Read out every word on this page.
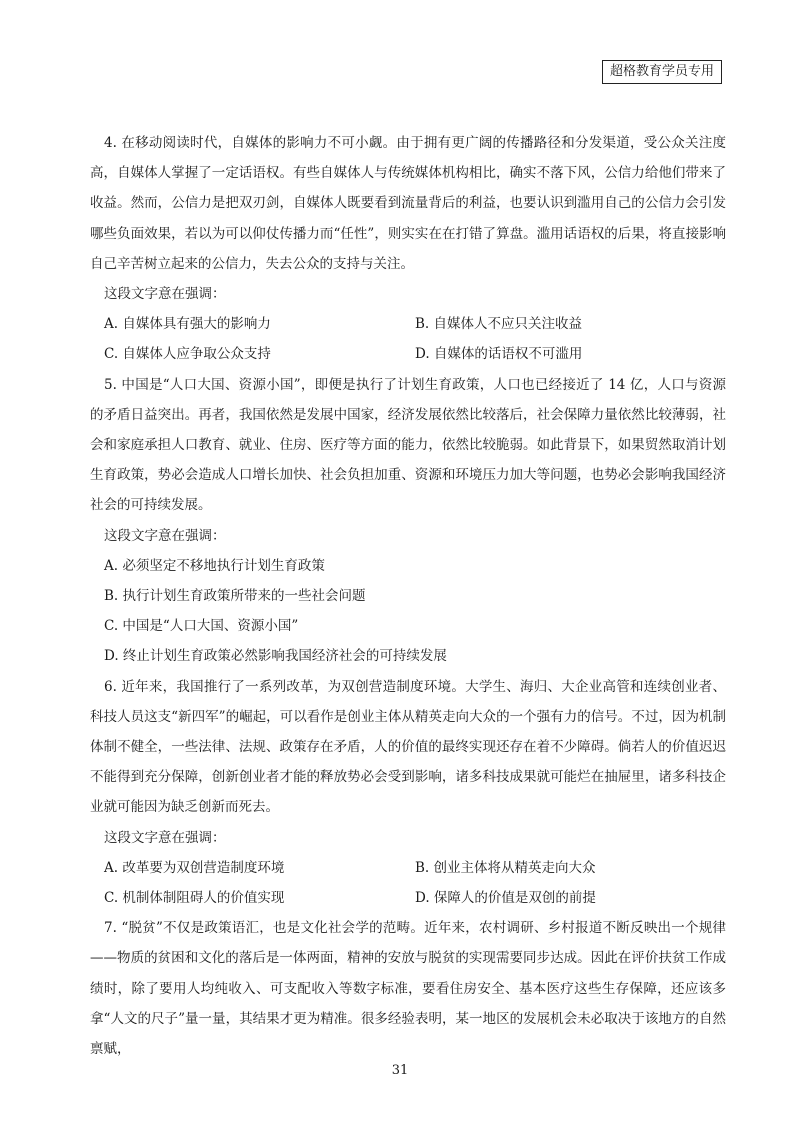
超格教育学员专用

4. 在移动阅读时代，自媒体的影响力不可小觑。由于拥有更广阔的传播路径和分发渠道，受公众关注度高，自媒体人掌握了一定话语权。有些自媒体人与传统媒体机构相比，确实不落下风，公信力给他们带来了收益。然而，公信力是把双刃剑，自媒体人既要看到流量背后的利益，也要认识到滥用自己的公信力会引发哪些负面效果，若以为可以仰仗传播力而“任性”，则实实在在打错了算盘。滥用话语权的后果，将直接影响自己辛苦树立起来的公信力，失去公众的支持与关注。

这段文字意在强调：

A. 自媒体具有强大的影响力	B. 自媒体人不应只关注收益
C. 自媒体人应争取公众支持	D. 自媒体的话语权不可滥用

5. 中国是“人口大国、资源小国”，即便是执行了计划生育政策，人口也已经接近了 14 亿，人口与资源的矛盾日益突出。再者，我国依然是发展中国家，经济发展依然比较落后，社会保障力量依然比较薄弱，社会和家庭承担人口教育、就业、住房、医疗等方面的能力，依然比较脆弱。如此背景下，如果贸然取消计划生育政策，势必会造成人口增长加快、社会负担加重、资源和环境压力加大等问题，也势必会影响我国经济社会的可持续发展。

这段文字意在强调：

A. 必须坚定不移地执行计划生育政策
B. 执行计划生育政策所带来的一些社会问题
C. 中国是“人口大国、资源小国”
D. 终止计划生育政策必然影响我国经济社会的可持续发展

6. 近年来，我国推行了一系列改革，为双创营造制度环境。大学生、海归、大企业高管和连续创业者、科技人员这支“新四军”的崛起，可以看作是创业主体从精英走向大众的一个强有力的信号。不过，因为机制体制不健全，一些法律、法规、政策存在矛盾，人的价值的最终实现还存在着不少障碍。倘若人的价值迟迟不能得到充分保障，创新创业者才能的释放势必会受到影响，诸多科技成果就可能烂在抽屉里，诸多科技企业就可能因为缺乏创新而死去。

这段文字意在强调：

A. 改革要为双创营造制度环境	B. 创业主体将从精英走向大众
C. 机制体制阻碍人的价值实现	D. 保障人的价值是双创的前提

7. “脱贫”不仅是政策语汇，也是文化社会学的范畴。近年来，农村调研、乡村报道不断反映出一个规律——物质的贫困和文化的落后是一体两面，精神的安放与脱贫的实现需要同步达成。因此在评价扶贫工作成绩时，除了要用人均纯收入、可支配收入等数字标准，要看住房安全、基本医疗这些生存保障，还应该多拿“人文的尺子”量一量，其结果才更为精准。很多经验表明，某一地区的发展机会未必取决于该地方的自然禀赋，

31
